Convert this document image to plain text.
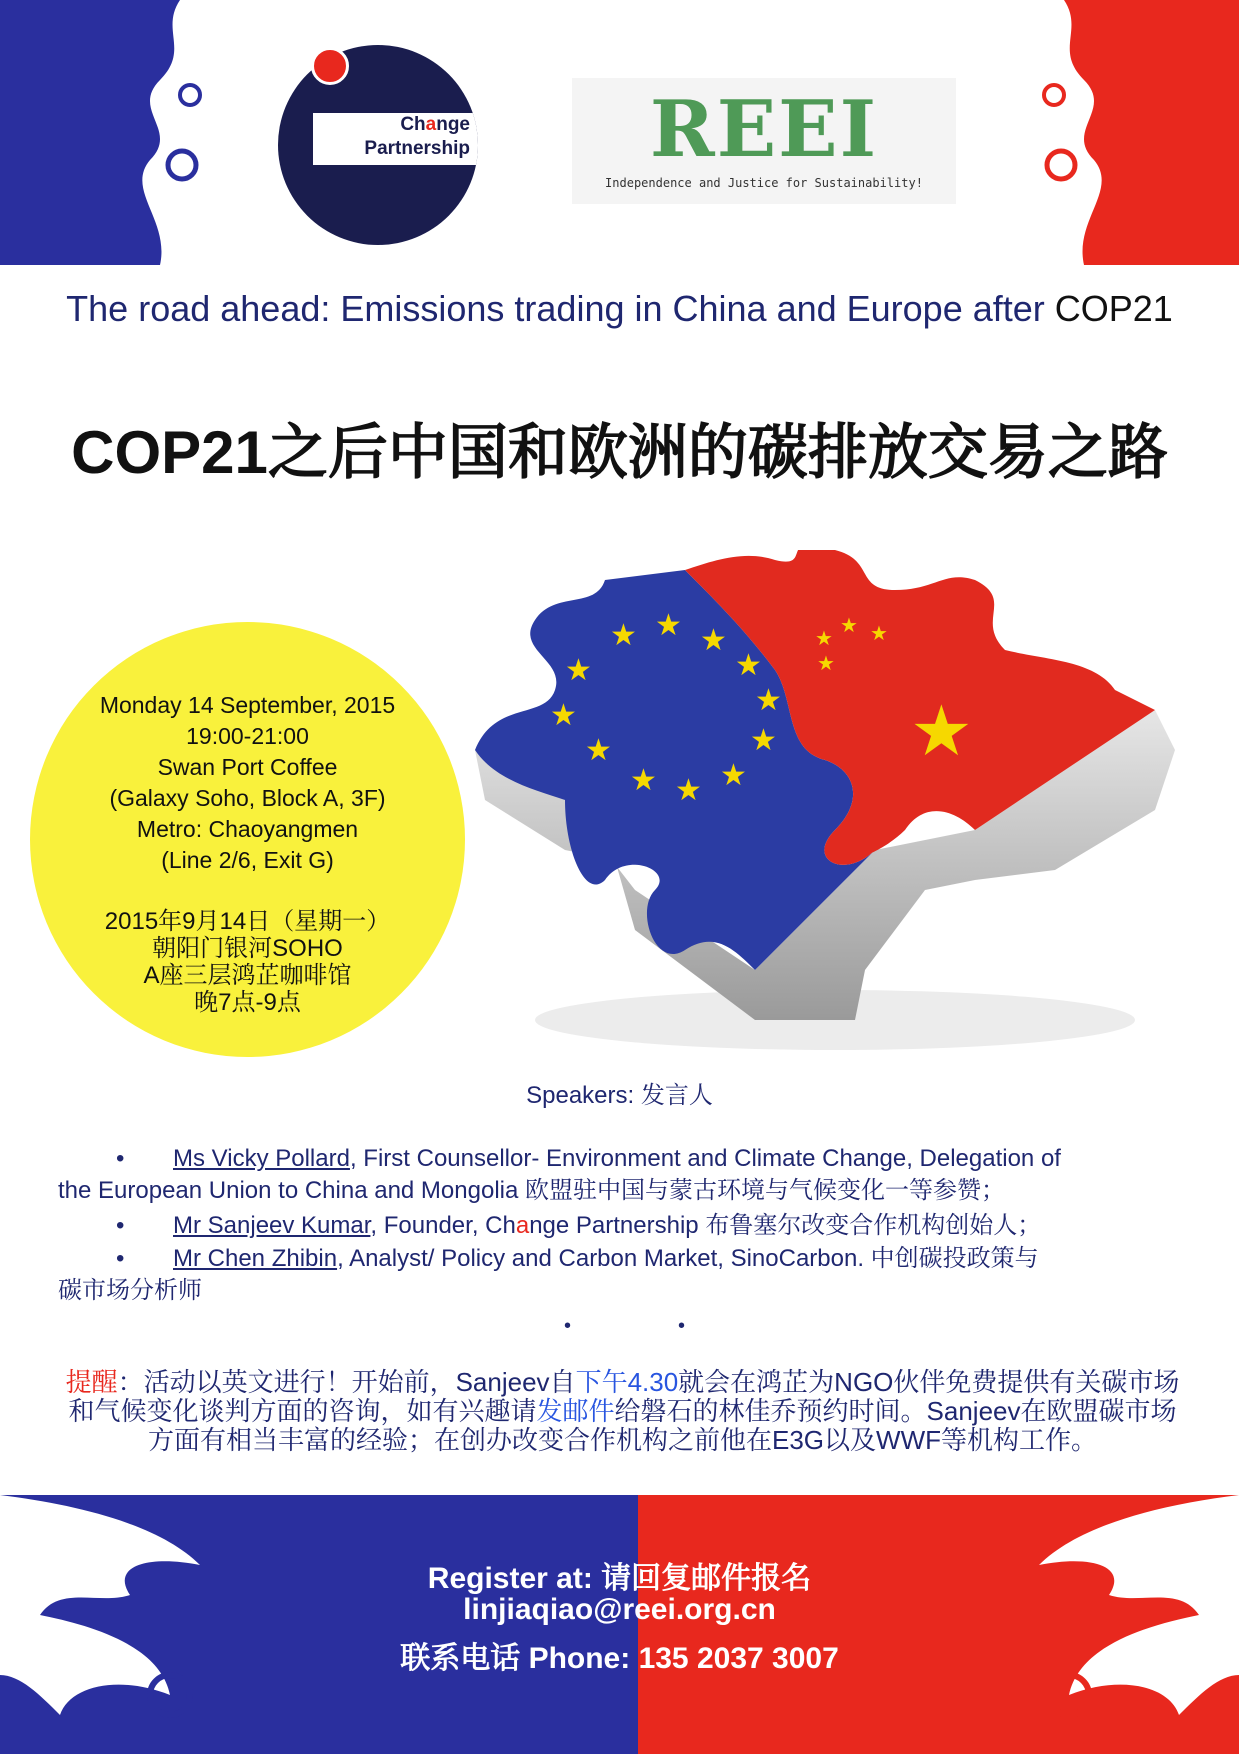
Change
Partnership	REEI
Independence and Justice for Sustainability!
The road ahead: Emissions trading in China and Europe after COP21
COP21之后中国和欧洲的碳排放交易之路
★ ★ ★
★
★
★
★
★
★
★
★
★
★
★
★ ★
★
Monday 14 September, 2015
19:00-21:00
Swan Port Coffee
(Galaxy Soho, Block A, 3F)
Metro: Chaoyangmen
(Line 2/6, Exit G)
2015年9月14日（星期一）
朝阳门银河SOHO
A座三层鸿芷咖啡馆
晚7点-9点
Speakers: 发言人
• Ms Vicky Pollard, First Counsellor- Environment and Climate Change, Delegation of
the European Union to China and Mongolia 欧盟驻中国与蒙古环境与气候变化一等参赞；
• Mr Sanjeev Kumar, Founder, Change Partnership 布鲁塞尔改变合作机构创始人；
• Mr Chen Zhibin, Analyst/ Policy and Carbon Market, SinoCarbon. 中创碳投政策与
碳市场分析师
•	•
提醒：活动以英文进行！开始前，Sanjeev自下午4.30就会在鸿芷为NGO伙伴免费提供有关碳市场和气候变化谈判方面的咨询，如有兴趣请发邮件给磐石的林佳乔预约时间。Sanjeev在欧盟碳市场方面有相当丰富的经验；在创办改变合作机构之前他在E3G以及WWF等机构工作。
Register at: 请回复邮件报名
linjiaqiao@reei.org.cn
联系电话 Phone: 135 2037 3007
